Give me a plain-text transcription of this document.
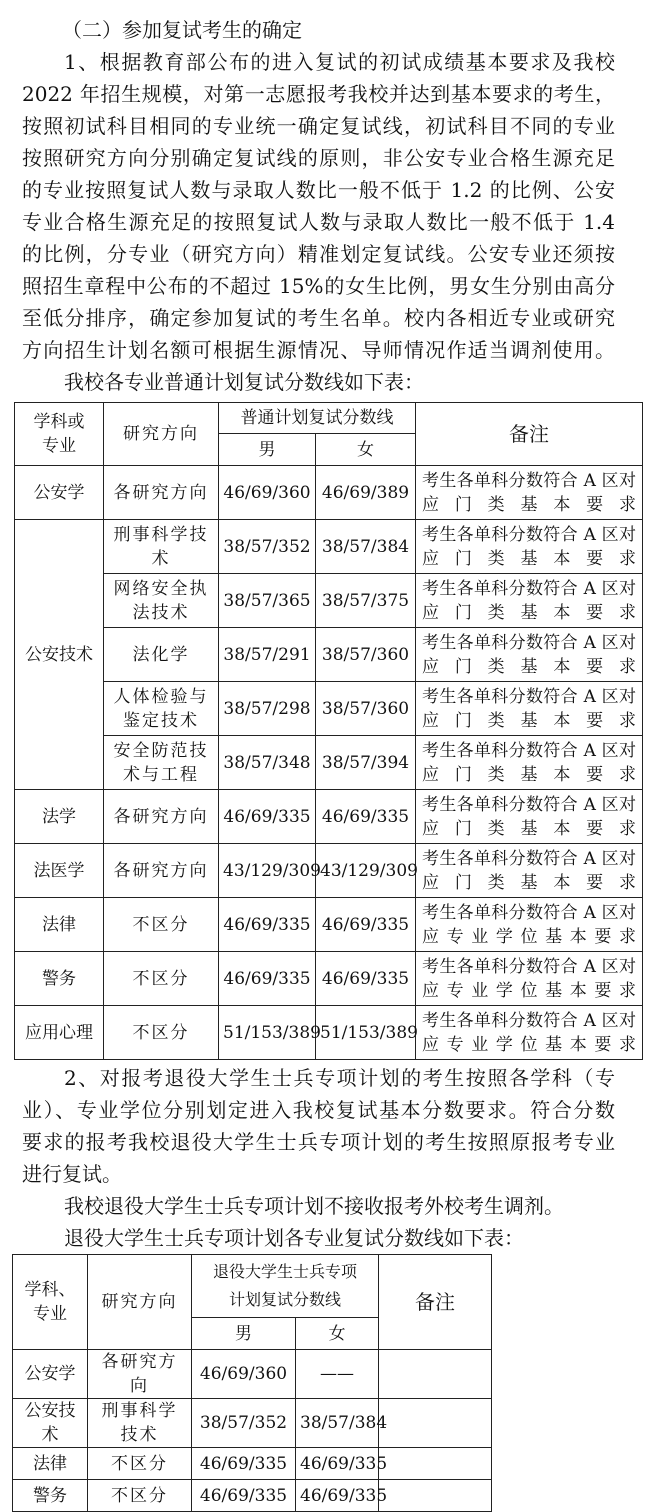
（二）参加复试考生的确定
1、根据教育部公布的进入复试的初试成绩基本要求及我校
2022 年招生规模，对第一志愿报考我校并达到基本要求的考生，
按照初试科目相同的专业统一确定复试线，初试科目不同的专业
按照研究方向分别确定复试线的原则，非公安专业合格生源充足
的专业按照复试人数与录取人数比一般不低于 1.2 的比例、公安
专业合格生源充足的按照复试人数与录取人数比一般不低于 1.4
的比例，分专业（研究方向）精准划定复试线。公安专业还须按
照招生章程中公布的不超过 15%的女生比例，男女生分别由高分
至低分排序，确定参加复试的考生名单。校内各相近专业或研究
方向招生计划名额可根据生源情况、导师情况作适当调剂使用。
我校各专业普通计划复试分数线如下表：
学科或专业	研究方向	普通计划复试分数线		备注
		男	女	
公安学	各研究方向	46/69/360	46/69/389	考生各单科分数符合 A 区对应门类基本要求
公安技术	刑事科学技术	38/57/352	38/57/384	考生各单科分数符合 A 区对应门类基本要求
	网络安全执法技术	38/57/365	38/57/375	考生各单科分数符合 A 区对应门类基本要求
	法化学	38/57/291	38/57/360	考生各单科分数符合 A 区对应门类基本要求
	人体检验与鉴定技术	38/57/298	38/57/360	考生各单科分数符合 A 区对应门类基本要求
	安全防范技术与工程	38/57/348	38/57/394	考生各单科分数符合 A 区对应门类基本要求
法学	各研究方向	46/69/335	46/69/335	考生各单科分数符合 A 区对应门类基本要求
法医学	各研究方向	43/129/309	43/129/309	考生各单科分数符合 A 区对应门类基本要求
法律	不区分	46/69/335	46/69/335	考生各单科分数符合 A 区对应专业学位基本要求
警务	不区分	46/69/335	46/69/335	考生各单科分数符合 A 区对应专业学位基本要求
应用心理	不区分	51/153/389	51/153/389	考生各单科分数符合 A 区对应专业学位基本要求
2、对报考退役大学生士兵专项计划的考生按照各学科（专
业）、专业学位分别划定进入我校复试基本分数要求。符合分数
要求的报考我校退役大学生士兵专项计划的考生按照原报考专业
进行复试。
我校退役大学生士兵专项计划不接收报考外校考生调剂。
退役大学生士兵专项计划各专业复试分数线如下表：
学科、专业	研究方向	退役大学生士兵专项计划复试分数线		备注
		男	女	
公安学	各研究方向	46/69/360	——	
公安技术	刑事科学技术	38/57/352	38/57/384	
法律	不区分	46/69/335	46/69/335	
警务	不区分	46/69/335	46/69/335	
